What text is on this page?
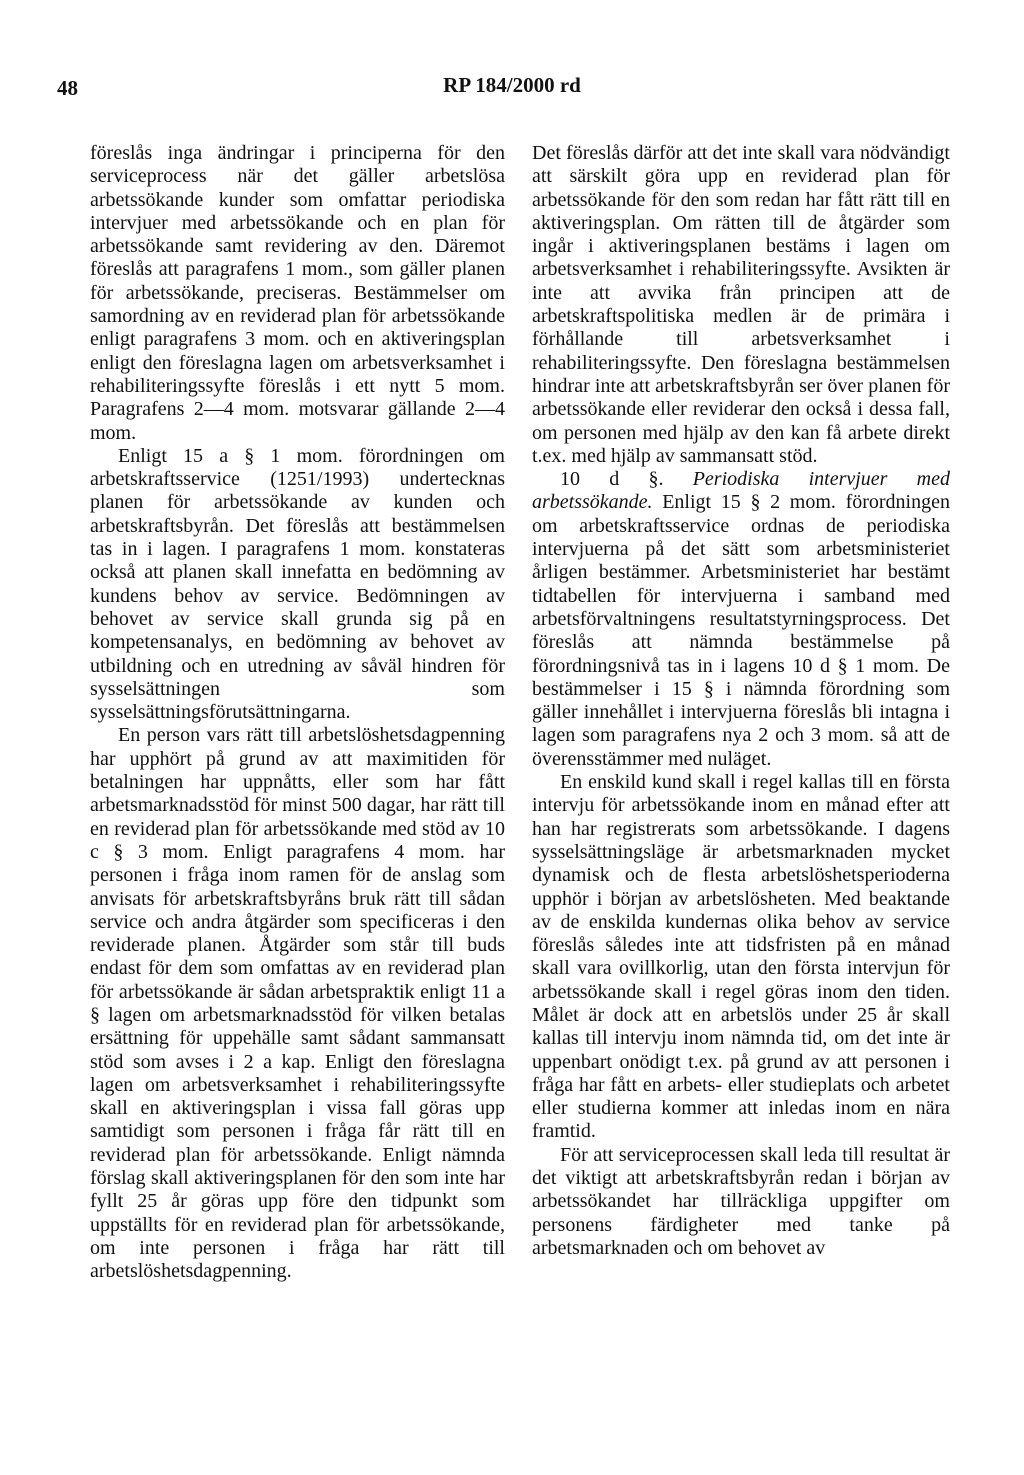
48	RP 184/2000 rd

föreslås inga ändringar i principerna för den serviceprocess när det gäller arbetslösa arbetssökande kunder som omfattar periodiska intervjuer med arbetssökande och en plan för arbetssökande samt revidering av den. Däremot föreslås att paragrafens 1 mom., som gäller planen för arbetssökande, preciseras. Bestämmelser om samordning av en reviderad plan för arbetssökande enligt paragrafens 3 mom. och en aktiveringsplan enligt den föreslagna lagen om arbetsverksamhet i rehabiliteringssyfte föreslås i ett nytt 5 mom. Paragrafens 2—4 mom. motsvarar gällande 2—4 mom.

Enligt 15 a § 1 mom. förordningen om arbetskraftsservice (1251/1993) undertecknas planen för arbetssökande av kunden och arbetskraftsbyrån. Det föreslås att bestämmelsen tas in i lagen. I paragrafens 1 mom. konstateras också att planen skall innefatta en bedömning av kundens behov av service. Bedömningen av behovet av service skall grunda sig på en kompetensanalys, en bedömning av behovet av utbildning och en utredning av såväl hindren för sysselsättningen som sysselsättningsförutsättningarna.

En person vars rätt till arbetslöshetsdagpenning har upphört på grund av att maximitiden för betalningen har uppnåtts, eller som har fått arbetsmarknadsstöd för minst 500 dagar, har rätt till en reviderad plan för arbetssökande med stöd av 10 c § 3 mom. Enligt paragrafens 4 mom. har personen i fråga inom ramen för de anslag som anvisats för arbetskraftsbyråns bruk rätt till sådan service och andra åtgärder som specificeras i den reviderade planen. Åtgärder som står till buds endast för dem som omfattas av en reviderad plan för arbetssökande är sådan arbetspraktik enligt 11 a § lagen om arbetsmarknadsstöd för vilken betalas ersättning för uppehälle samt sådant sammansatt stöd som avses i 2 a kap. Enligt den föreslagna lagen om arbetsverksamhet i rehabiliteringssyfte skall en aktiveringsplan i vissa fall göras upp samtidigt som personen i fråga får rätt till en reviderad plan för arbetssökande. Enligt nämnda förslag skall aktiveringsplanen för den som inte har fyllt 25 år göras upp före den tidpunkt som uppställts för en reviderad plan för arbetssökande, om inte personen i fråga har rätt till arbetslöshetsdagpenning.

Det föreslås därför att det inte skall vara nödvändigt att särskilt göra upp en reviderad plan för arbetssökande för den som redan har fått rätt till en aktiveringsplan. Om rätten till de åtgärder som ingår i aktiveringsplanen bestäms i lagen om arbetsverksamhet i rehabiliteringssyfte. Avsikten är inte att avvika från principen att de arbetskraftspolitiska medlen är de primära i förhållande till arbetsverksamhet i rehabiliteringssyfte. Den föreslagna bestämmelsen hindrar inte att arbetskraftsbyrån ser över planen för arbetssökande eller reviderar den också i dessa fall, om personen med hjälp av den kan få arbete direkt t.ex. med hjälp av sammansatt stöd.

10 d §. Periodiska intervjuer med arbetssökande. Enligt 15 § 2 mom. förordningen om arbetskraftsservice ordnas de periodiska intervjuerna på det sätt som arbetsministeriet årligen bestämmer. Arbetsministeriet har bestämt tidtabellen för intervjuerna i samband med arbetsförvaltningens resultatstyrningsprocess. Det föreslås att nämnda bestämmelse på förordningsnivå tas in i lagens 10 d § 1 mom. De bestämmelser i 15 § i nämnda förordning som gäller innehållet i intervjuerna föreslås bli intagna i lagen som paragrafens nya 2 och 3 mom. så att de överensstämmer med nuläget.

En enskild kund skall i regel kallas till en första intervju för arbetssökande inom en månad efter att han har registrerats som arbetssökande. I dagens sysselsättningsläge är arbetsmarknaden mycket dynamisk och de flesta arbetslöshetsperioderna upphör i början av arbetslösheten. Med beaktande av de enskilda kundernas olika behov av service föreslås således inte att tidsfristen på en månad skall vara ovillkorlig, utan den första intervjun för arbetssökande skall i regel göras inom den tiden. Målet är dock att en arbetslös under 25 år skall kallas till intervju inom nämnda tid, om det inte är uppenbart onödigt t.ex. på grund av att personen i fråga har fått en arbets- eller studieplats och arbetet eller studierna kommer att inledas inom en nära framtid.

För att serviceprocessen skall leda till resultat är det viktigt att arbetskraftsbyrån redan i början av arbetssökandet har tillräckliga uppgifter om personens färdigheter med tanke på arbetsmarknaden och om behovet av
